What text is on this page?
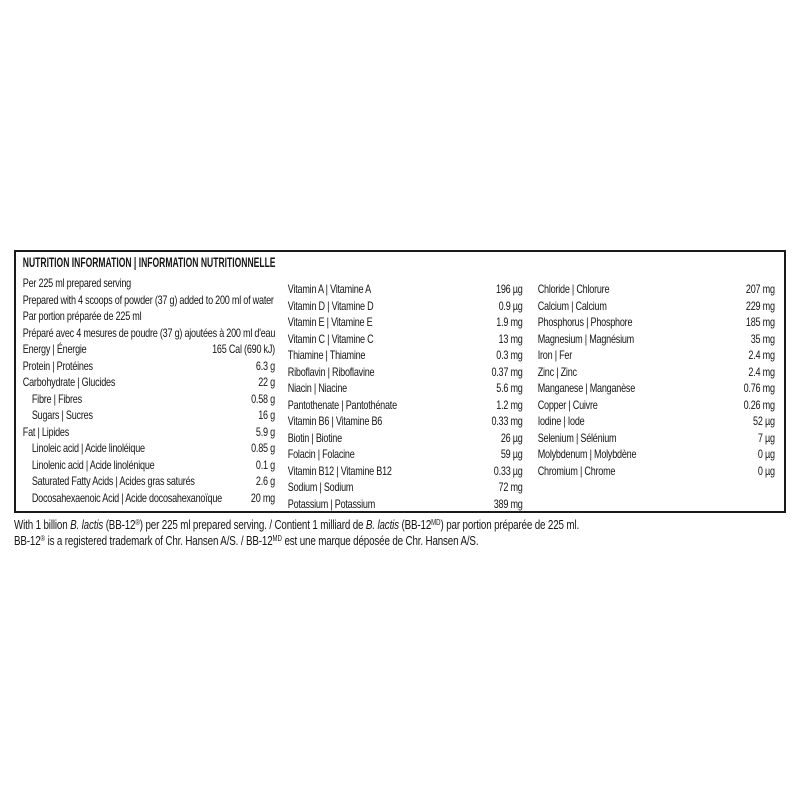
NUTRITION INFORMATION | INFORMATION NUTRITIONNELLE
Per 225 ml prepared serving
Prepared with 4 scoops of powder (37 g) added to 200 ml of water
Par portion préparée de 225 ml
Préparé avec 4 mesures de poudre (37 g) ajoutées à 200 ml d'eau
Energy | Énergie	165 Cal (690 kJ)
Protein | Protéines	6.3 g
Carbohydrate | Glucides	22 g
Fibre | Fibres	0.58 g
Sugars | Sucres	16 g
Fat | Lipides	5.9 g
Linoleic acid | Acide linoléique	0.85 g
Linolenic acid | Acide linolénique	0.1 g
Saturated Fatty Acids | Acides gras saturés	2.6 g
Docosahexaenoic Acid | Acide docosahexanoïque	20 mg
Vitamin A | Vitamine A	196 µg
Vitamin D | Vitamine D	0.9 µg
Vitamin E | Vitamine E	1.9 mg
Vitamin C | Vitamine C	13 mg
Thiamine | Thiamine	0.3 mg
Riboflavin | Riboflavine	0.37 mg
Niacin | Niacine	5.6 mg
Pantothenate | Pantothénate	1.2 mg
Vitamin B6 | Vitamine B6	0.33 mg
Biotin | Biotine	26 µg
Folacin | Folacine	59 µg
Vitamin B12 | Vitamine B12	0.33 µg
Sodium | Sodium	72 mg
Potassium | Potassium	389 mg
Chloride | Chlorure	207 mg
Calcium | Calcium	229 mg
Phosphorus | Phosphore	185 mg
Magnesium | Magnésium	35 mg
Iron | Fer	2.4 mg
Zinc | Zinc	2.4 mg
Manganese | Manganèse	0.76 mg
Copper | Cuivre	0.26 mg
Iodine | Iode	52 µg
Selenium | Sélénium	7 µg
Molybdenum | Molybdène	0 µg
Chromium | Chrome	0 µg
With 1 billion B. lactis (BB-12®) per 225 ml prepared serving. / Contient 1 milliard de B. lactis $(BB-12^{MD})$ par portion préparée de 225 ml.
BB-12® is a registered trademark of Chr. Hansen A/S. / $BB-12^{MD}$ est une marque déposée de Chr. Hansen A/S.
